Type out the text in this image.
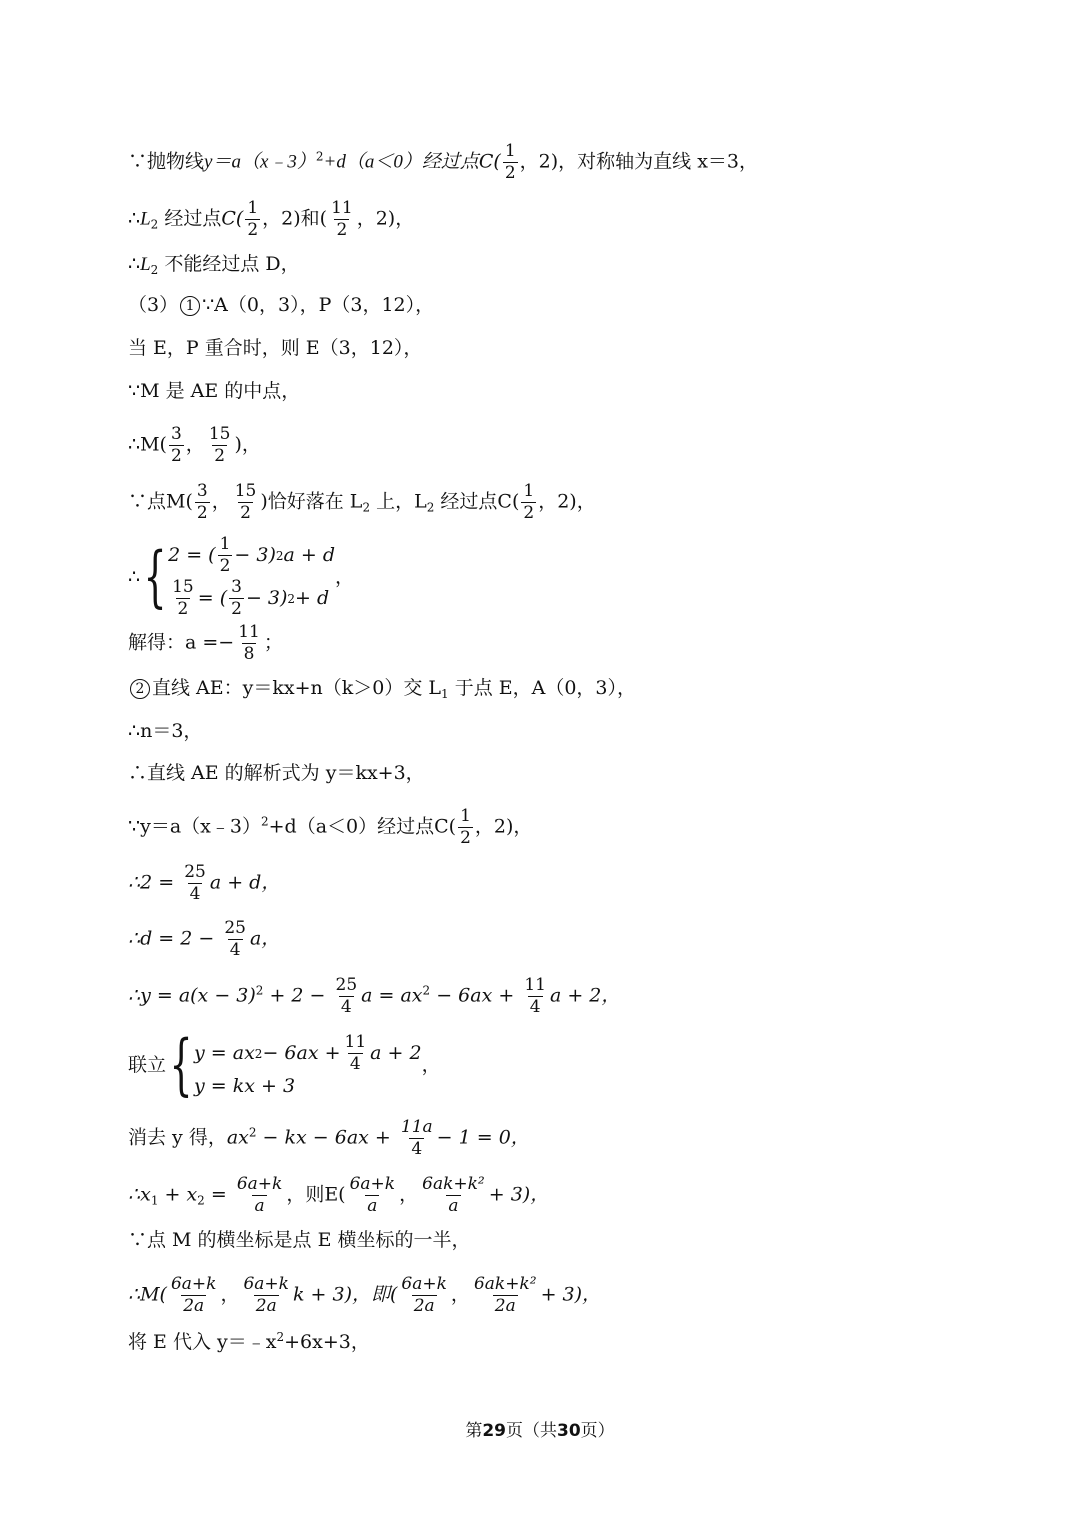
∵抛物线y＝a（x﹣3）$^2$+d（a＜0）经过点$C( \frac{1}{2}$ ，2)，对称轴为直线 x＝3，
$\therefore L_2$ 经过点$C( \frac{1}{2}$ ，2)和( $\frac{11}{2}$ ，2)，
$\therefore L_2$ 不能经过点 D，
（3） 1 ∵A（0，3），P（3，12），
当 E，P 重合时，则 E（3，12），
∵M 是 AE 的中点，
∴M( $\frac{3}{2}$ ， $\frac{15}{2}$ )，
∵点$M( \frac{3}{2}$ ， $\frac{15}{2}$ )恰好落在 $L_2$ 上，$L_2$ 经过点$C( \frac{1}{2}$ ，2)，
∴ { 2 = ( $\frac{1}{2} - 3$) 2 a + d
$\frac{15}{2}$ = ( $\frac{3}{2} - 3$) 2 + d
，
解得：$a =- \frac{11}{8}$ ；
2 直线 AE：y＝kx+n（k＞0）交 $L_1$ 于点 E，A（0，3），
∴n＝3，
∴直线 AE 的解析式为 y＝kx+3，
∵y＝a（x﹣3）$^2$+d（a＜0）经过点$C( \frac{1}{2}$ ，2)，
∴2 = $\frac{25}{4}$ a + d，
∴d = $2 - \frac{25}{4}$ a，
∴y = $a(x - 3)^2 + 2 - \frac{25}{4}$ $a = ax^2 - 6ax + \frac{11}{4}$ a + 2，
联立 { y = ax $2 - 6ax + \frac{11}{4}$ a + 2
y = kx + 3
，
消去 y 得，$ax^2$ − kx − $6ax + \frac{11a}{4} - 1 = 0$，
$\therefore x_1 + x_2 = \frac{6a+k}{a}$ ，则$E( \frac{6a+k}{a}$ ， $\frac{\text{6ak+k²}}{a} + 3$)，
∵点 M 的横坐标是点 E 横坐标的一半，
∴M( $\frac{6a+k}{2a}$ ， $\frac{6a+k}{2a}$ k + 3)，即( $\frac{6a+k}{2a}$ ， $\frac{\text{6ak+k²}}{2a} + 3$)，
将 E 代入 $y=﹣x^2+6x+3$，
第29页（共30页）
